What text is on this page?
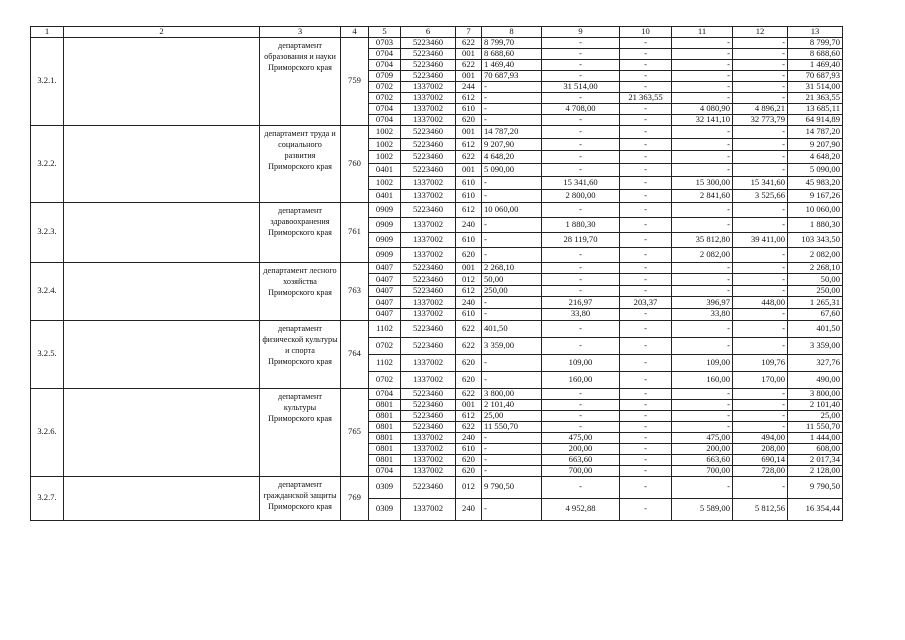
1	2	3	4	5	6	7	8	9	10	11	12	13
3.2.1.		департамент образования и науки Приморского края	759	0703	5223460	622	8 799,70	-	-	-	-	8 799,70
				0704	5223460	001	8 688,60	-	-	-	-	8 688,60
				0704	5223460	622	1 469,40	-	-	-	-	1 469,40
				0709	5223460	001	70 687,93	-	-	-	-	70 687,93
				0702	1337002	244	-	31 514,00	-	-	-	31 514,00
				0702	1337002	612	-	-	21 363,55	-	-	21 363,55
				0704	1337002	610	-	4 708,00	-	4 080,90	4 896,21	13 685,11
				0704	1337002	620	-	-	-	32 141,10	32 773,79	64 914,89
3.2.2.		департамент труда и социального развития Приморского края	760	1002	5223460	001	14 787,20	-	-	-	-	14 787,20
				1002	5223460	612	9 207,90	-	-	-	-	9 207,90
				1002	5223460	622	4 648,20	-	-	-	-	4 648,20
				0401	5223460	001	5 090,00	-	-	-	-	5 090,00
				1002	1337002	610	-	15 341,60	-	15 300,00	15 341,60	45 983,20
				0401	1337002	610	-	2 800,00	-	2 841,60	3 525,66	9 167,26
3.2.3.		департамент здравоохранения Приморского края	761	0909	5223460	612	10 060,00	-	-	-	-	10 060,00
				0909	1337002	240	-	1 880,30	-	-	-	1 880,30
				0909	1337002	610	-	28 119,70	-	35 812,80	39 411,00	103 343,50
				0909	1337002	620	-	-	-	2 082,00	-	2 082,00
3.2.4.		департамент лесного хозяйства Приморского края	763	0407	5223460	001	2 268,10	-	-	-	-	2 268,10
				0407	5223460	012	50,00	-	-	-	-	50,00
				0407	5223460	612	250,00	-	-	-	-	250,00
				0407	1337002	240	-	216,97	203,37	396,97	448,00	1 265,31
				0407	1337002	610	-	33,80	-	33,80	-	67,60
3.2.5.		департамент физической культуры и спорта Приморского края	764	1102	5223460	622	401,50	-	-	-	-	401,50
				0702	5223460	622	3 359,00	-	-	-	-	3 359,00
				1102	1337002	620	-	109,00	-	109,00	109,76	327,76
				0702	1337002	620	-	160,00	-	160,00	170,00	490,00
3.2.6.		департамент культуры Приморского края	765	0704	5223460	622	3 800,00	-	-	-	-	3 800,00
				0801	5223460	001	2 101,40	-	-	-	-	2 101,40
				0801	5223460	612	25,00	-	-	-	-	25,00
				0801	5223460	622	11 550,70	-	-	-	-	11 550,70
				0801	1337002	240	-	475,00	-	475,00	494,00	1 444,00
				0801	1337002	610	-	200,00	-	200,00	208,00	608,00
				0801	1337002	620	-	663,60	-	663,60	690,14	2 017,34
				0704	1337002	620	-	700,00	-	700,00	728,00	2 128,00
3.2.7.		департамент гражданской защиты Приморского края	769	0309	5223460	012	9 790,50	-	-	-	-	9 790,50
				0309	1337002	240	-	4 952,88	-	5 589,00	5 812,56	16 354,44
